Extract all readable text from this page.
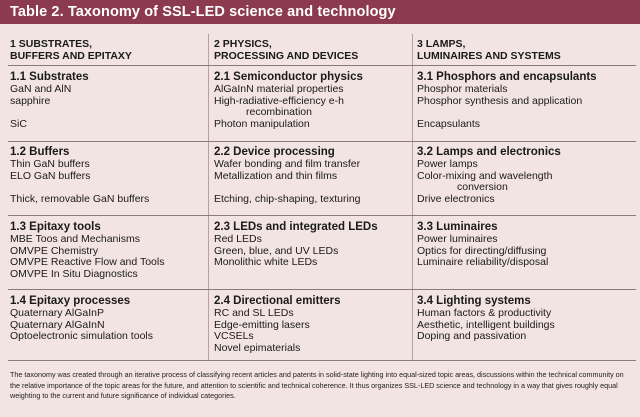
Table 2. Taxonomy of SSL-LED science and technology
1 SUBSTRATES,
BUFFERS AND EPITAXY
2 PHYSICS,
PROCESSING AND DEVICES
3 LAMPS,
LUMINAIRES AND SYSTEMS
1.1 Substrates
GaN and AlN
sapphire
SiC
2.1 Semiconductor physics
AlGaInN material properties
High-radiative-efficiency e-h
recombination
Photon manipulation
3.1 Phosphors and encapsulants
Phosphor materials
Phosphor synthesis and application
Encapsulants
1.2 Buffers
Thin GaN buffers
ELO GaN buffers
Thick, removable GaN buffers
2.2 Device processing
Wafer bonding and film transfer
Metallization and thin films
Etching, chip-shaping, texturing
3.2 Lamps and electronics
Power lamps
Color-mixing and wavelength
conversion
Drive electronics
1.3 Epitaxy tools
MBE Toos and Mechanisms
OMVPE Chemistry
OMVPE Reactive Flow and Tools
OMVPE In Situ Diagnostics
2.3 LEDs and integrated LEDs
Red LEDs
Green, blue, and UV LEDs
Monolithic white LEDs
3.3 Luminaires
Power luminaires
Optics for directing/diffusing
Luminaire reliability/disposal
1.4 Epitaxy processes
Quaternary AlGaInP
Quaternary AlGaInN
Optoelectronic simulation tools
2.4 Directional emitters
RC and SL LEDs
Edge-emitting lasers
VCSELs
Novel epimaterials
3.4 Lighting systems
Human factors & productivity
Aesthetic, intelligent buildings
Doping and passivation
The taxonomy was created through an iterative process of classifying recent articles and patents in solid-state lighting into equal-sized topic areas, discussions within the technical community on the relative importance of the topic areas for the future, and attention to scientific and technical coherence. It thus organizes SSL-LED science and technology in a way that gives roughly equal weighting to the current and future significance of individual categories.
